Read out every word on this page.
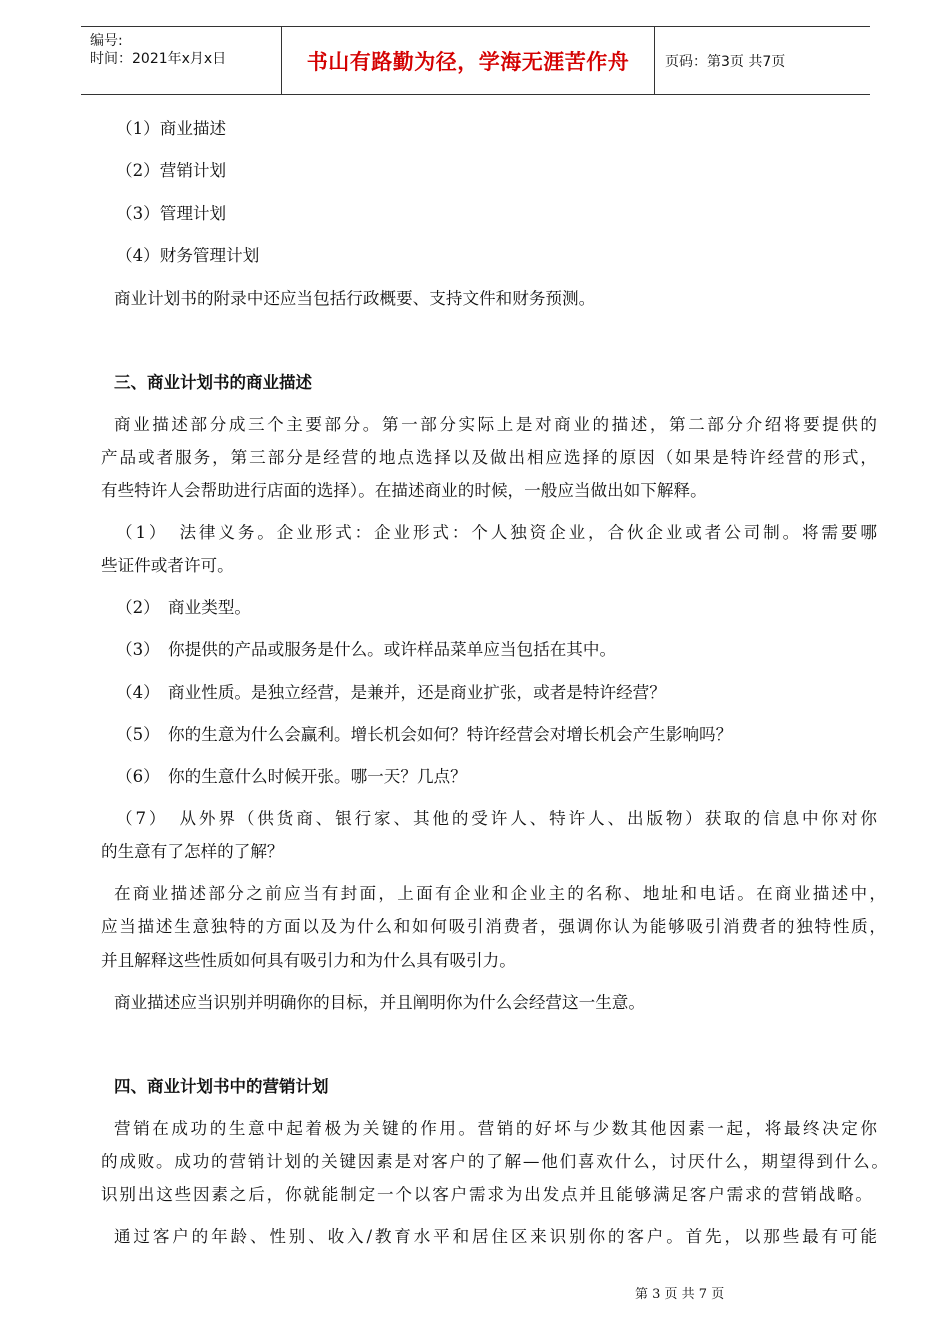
编号:
时间：2021年x月x日	书山有路勤为径，学海无涯苦作舟	页码：第3页 共7页
（1）商业描述
（2）营销计划
（3）管理计划
（4）财务管理计划
商业计划书的附录中还应当包括行政概要、支持文件和财务预测。
三、商业计划书的商业描述
商业描述部分成三个主要部分。第一部分实际上是对商业的描述，第二部分介绍将要提供的
产品或者服务，第三部分是经营的地点选择以及做出相应选择的原因（如果是特许经营的形式，
有些特许人会帮助进行店面的选择）。在描述商业的时候，一般应当做出如下解释。
（1）　法律义务。企业形式：企业形式：个人独资企业，合伙企业或者公司制。将需要哪
些证件或者许可。
（2）　商业类型。
（3）　你提供的产品或服务是什么。或许样品菜单应当包括在其中。
（4）　商业性质。是独立经营，是兼并，还是商业扩张，或者是特许经营？
（5）　你的生意为什么会赢利。增长机会如何？特许经营会对增长机会产生影响吗？
（6）　你的生意什么时候开张。哪一天？几点？
（7）　从外界（供货商、银行家、其他的受许人、特许人、出版物）获取的信息中你对你
的生意有了怎样的了解？
在商业描述部分之前应当有封面，上面有企业和企业主的名称、地址和电话。在商业描述中，
应当描述生意独特的方面以及为什么和如何吸引消费者，强调你认为能够吸引消费者的独特性质，
并且解释这些性质如何具有吸引力和为什么具有吸引力。
商业描述应当识别并明确你的目标，并且阐明你为什么会经营这一生意。
四、商业计划书中的营销计划
营销在成功的生意中起着极为关键的作用。营销的好坏与少数其他因素一起，将最终决定你
的成败。成功的营销计划的关键因素是对客户的了解—他们喜欢什么，讨厌什么，期望得到什么。
识别出这些因素之后，你就能制定一个以客户需求为出发点并且能够满足客户需求的营销战略。
通过客户的年龄、性别、收入/教育水平和居住区来识别你的客户。首先，以那些最有可能
第 3 页 共 7 页
